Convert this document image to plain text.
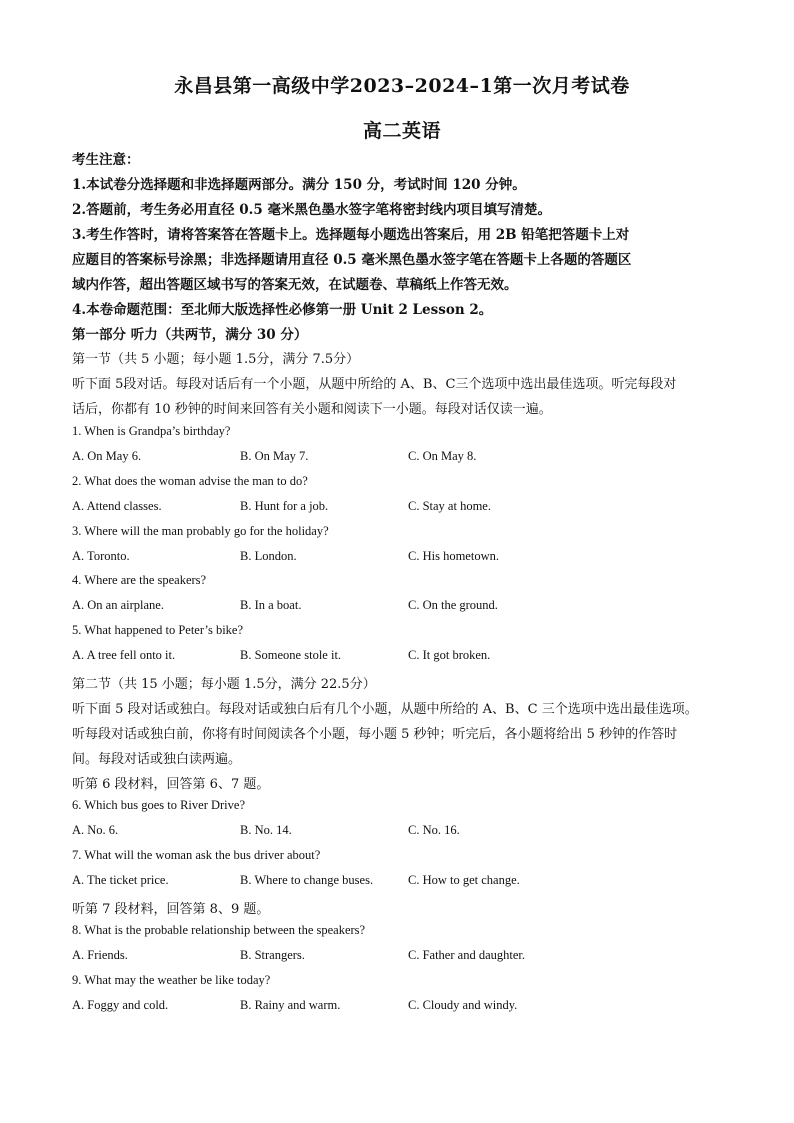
永昌县第一高级中学2023–2024–1第一次月考试卷
高二英语
考生注意：
1.本试卷分选择题和非选择题两部分。满分 150 分，考试时间 120 分钟。
2.答题前，考生务必用直径 0.5 毫米黑色墨水签字笔将密封线内项目填写清楚。
3.考生作答时，请将答案答在答题卡上。选择题每小题选出答案后，用 2B 铅笔把答题卡上对
应题目的答案标号涂黑；非选择题请用直径 0.5 毫米黑色墨水签字笔在答题卡上各题的答题区
域内作答，超出答题区域书写的答案无效，在试题卷、草稿纸上作答无效。
4.本卷命题范围：至北师大版选择性必修第一册 Unit 2 Lesson 2。
第一部分 听力（共两节，满分 30 分）
第一节（共 5 小题；每小题 1.5分，满分 7.5分）
听下面 5段对话。每段对话后有一个小题，从题中所给的 A、B、C三个选项中选出最佳选项。听完每段对
话后，你都有 10 秒钟的时间来回答有关小题和阅读下一小题。每段对话仅读一遍。
1. When is Grandpa’s birthday?
A. On May 6.	B. On May 7.	C. On May 8.
2. What does the woman advise the man to do?
A. Attend classes.	B. Hunt for a job.	C. Stay at home.
3. Where will the man probably go for the holiday?
A. Toronto.	B. London.	C. His hometown.
4. Where are the speakers?
A. On an airplane.	B. In a boat.	C. On the ground.
5. What happened to Peter’s bike?
A. A tree fell onto it.	B. Someone stole it.	C. It got broken.
第二节（共 15 小题；每小题 1.5分，满分 22.5分）
听下面 5 段对话或独白。每段对话或独白后有几个小题，从题中所给的 A、B、C 三个选项中选出最佳选项。
听每段对话或独白前，你将有时间阅读各个小题，每小题 5 秒钟；听完后，各小题将给出 5 秒钟的作答时
间。每段对话或独白读两遍。
听第 6 段材料，回答第 6、7 题。
6. Which bus goes to River Drive?
A. No. 6.	B. No. 14.	C. No. 16.
7. What will the woman ask the bus driver about?
A. The ticket price.	B. Where to change buses.	C. How to get change.
听第 7 段材料，回答第 8、9 题。
8. What is the probable relationship between the speakers?
A. Friends.	B. Strangers.	C. Father and daughter.
9. What may the weather be like today?
A. Foggy and cold.	B. Rainy and warm.	C. Cloudy and windy.
